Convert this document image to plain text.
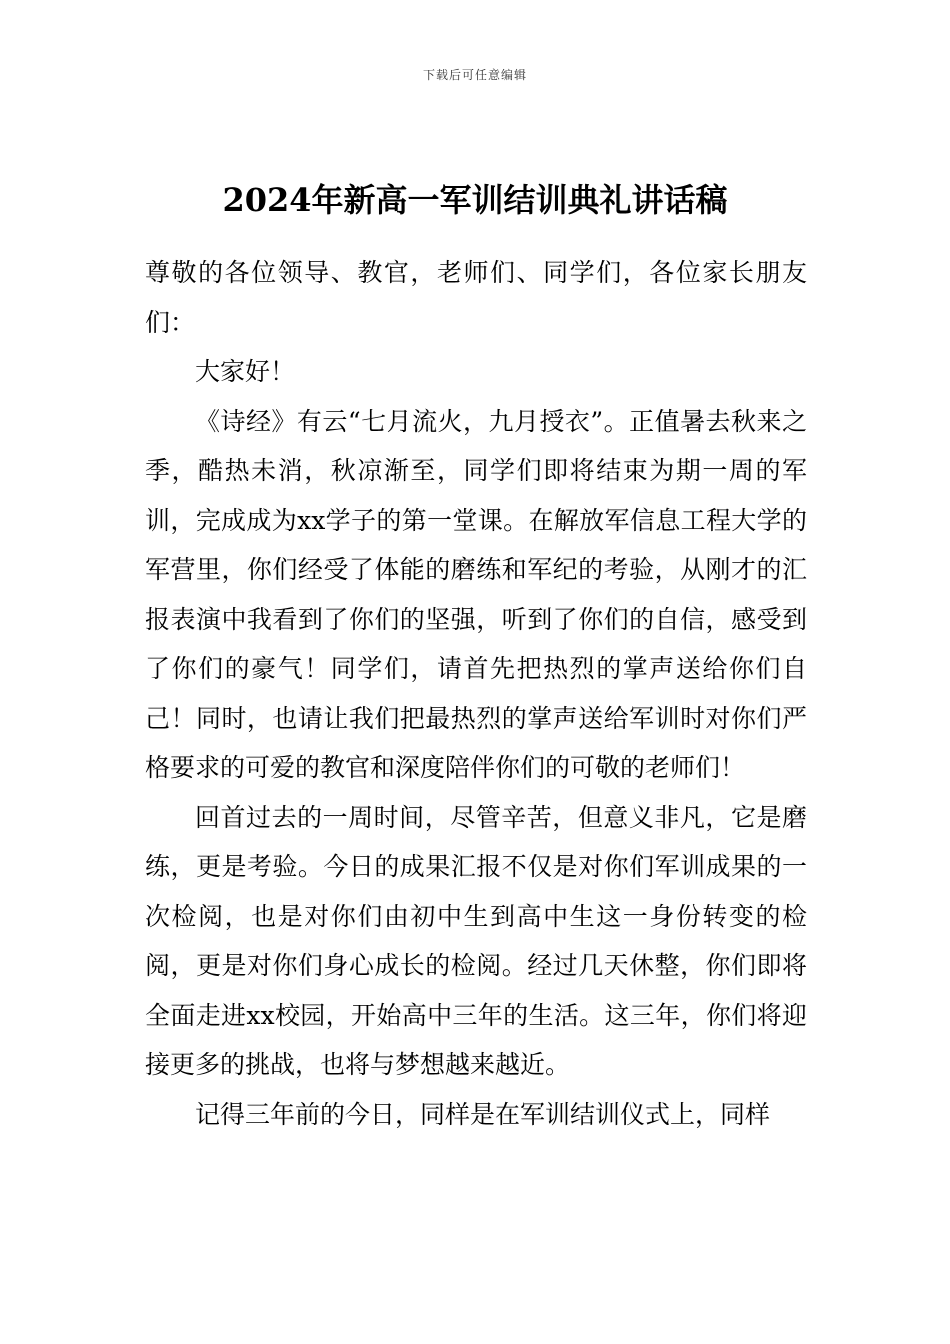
下载后可任意编辑
2024年新高一军训结训典礼讲话稿

尊敬的各位领导、教官，老师们、同学们，各位家长朋友们：

大家好！

《诗经》有云“七月流火，九月授衣”。正值暑去秋来之季，酷热未消，秋凉渐至，同学们即将结束为期一周的军训，完成成为xx学子的第一堂课。在解放军信息工程大学的军营里，你们经受了体能的磨练和军纪的考验，从刚才的汇报表演中我看到了你们的坚强，听到了你们的自信，感受到了你们的豪气！同学们，请首先把热烈的掌声送给你们自己！同时，也请让我们把最热烈的掌声送给军训时对你们严格要求的可爱的教官和深度陪伴你们的可敬的老师们！

回首过去的一周时间，尽管辛苦，但意义非凡，它是磨练，更是考验。今日的成果汇报不仅是对你们军训成果的一次检阅，也是对你们由初中生到高中生这一身份转变的检阅，更是对你们身心成长的检阅。经过几天休整，你们即将全面走进xx校园，开始高中三年的生活。这三年，你们将迎接更多的挑战，也将与梦想越来越近。

记得三年前的今日，同样是在军训结训仪式上，同样
